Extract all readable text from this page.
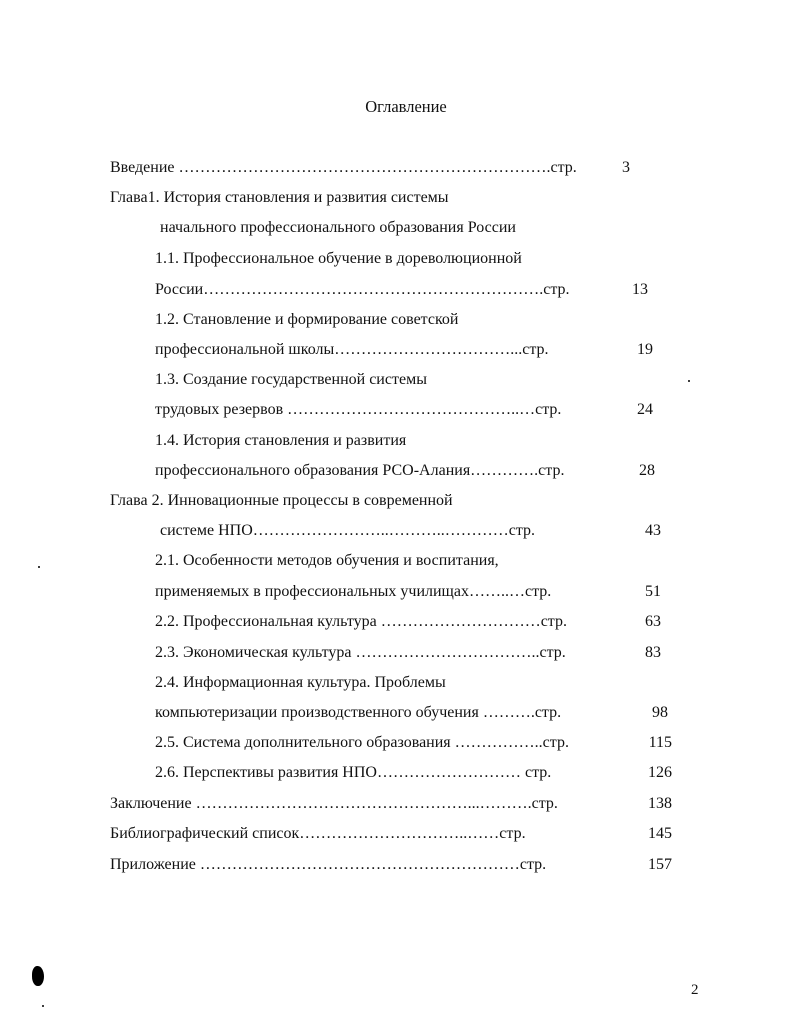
Оглавление
Введение …………………………………………………………….стр.	3
Глава1. История становления и развития системы
начального профессионального образования России
1.1. Профессиональное обучение в дореволюционной
России……………………………………………………….стр.	13
1.2. Становление и формирование советской
профессиональной школы……………………………...стр.	19
1.3. Создание государственной системы
трудовых резервов ……………………………………..…стр.	24
1.4. История становления и развития
профессионального образования РСО-Алания………….стр.	28
Глава 2. Инновационные процессы в современной
системе НПО……………………..………..…………стр.	43
2.1. Особенности методов обучения и воспитания,
применяемых в профессиональных училищах……..…стр.	51
2.2. Профессиональная культура …………………………стр.	63
2.3. Экономическая культура ……………………………..стр.	83
2.4. Информационная культура. Проблемы
компьютеризации производственного обучения ……….стр.	98
2.5. Система дополнительного образования ……………..стр.	115
2.6. Перспективы развития НПО……………………… стр.	126
Заключение ……………………………………………...……….стр.	138
Библиографический список…………………………..……стр.	145
Приложение ……………………………………………………стр.	157
2
